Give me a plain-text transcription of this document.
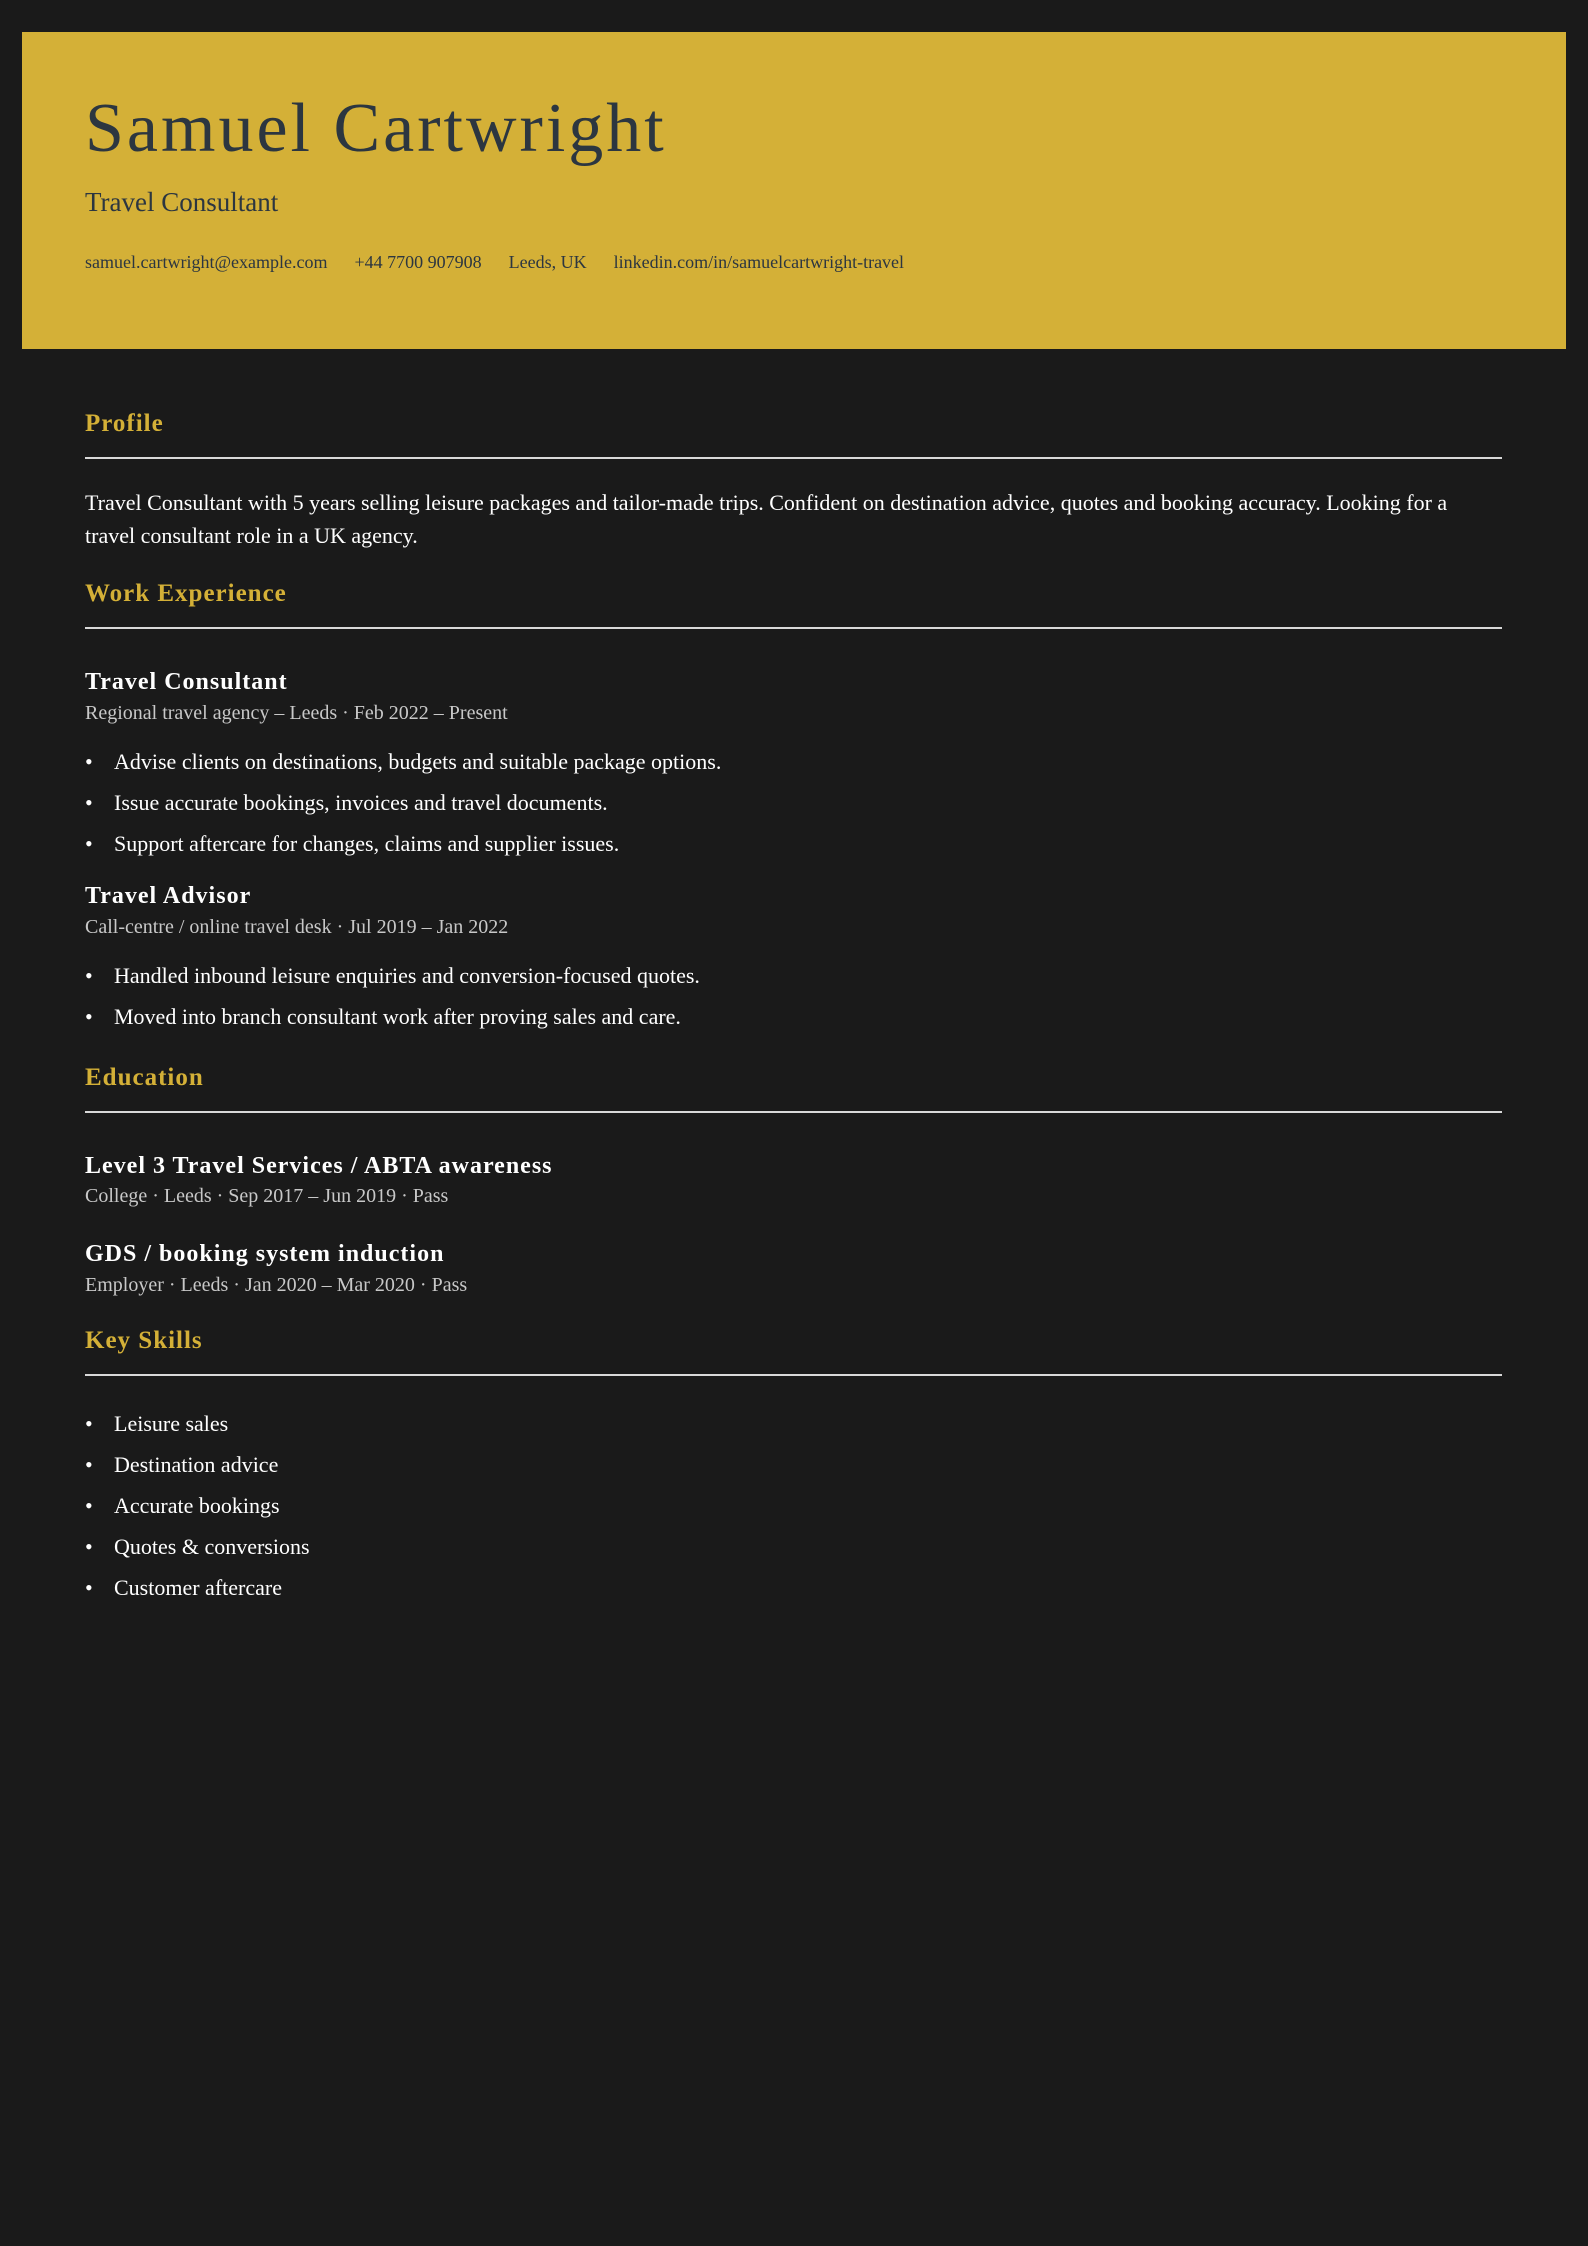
Samuel Cartwright
Travel Consultant
samuel.cartwright@example.com +44 7700 907908 Leeds, UK linkedin.com/in/samuelcartwright-travel
Profile

Travel Consultant with 5 years selling leisure packages and tailor-made trips. Confident on destination advice, quotes and booking accuracy. Looking for a travel consultant role in a UK agency.

Work Experience
Travel Consultant
Regional travel agency – Leeds · Feb 2022 – Present
• Advise clients on destinations, budgets and suitable package options.
• Issue accurate bookings, invoices and travel documents.
• Support aftercare for changes, claims and supplier issues.
Travel Advisor
Call-centre / online travel desk · Jul 2019 – Jan 2022
• Handled inbound leisure enquiries and conversion-focused quotes.
• Moved into branch consultant work after proving sales and care.
Education
Level 3 Travel Services / ABTA awareness
College · Leeds · Sep 2017 – Jun 2019 · Pass
GDS / booking system induction
Employer · Leeds · Jan 2020 – Mar 2020 · Pass
Key Skills
• Leisure sales
• Destination advice
• Accurate bookings
• Quotes & conversions
• Customer aftercare
